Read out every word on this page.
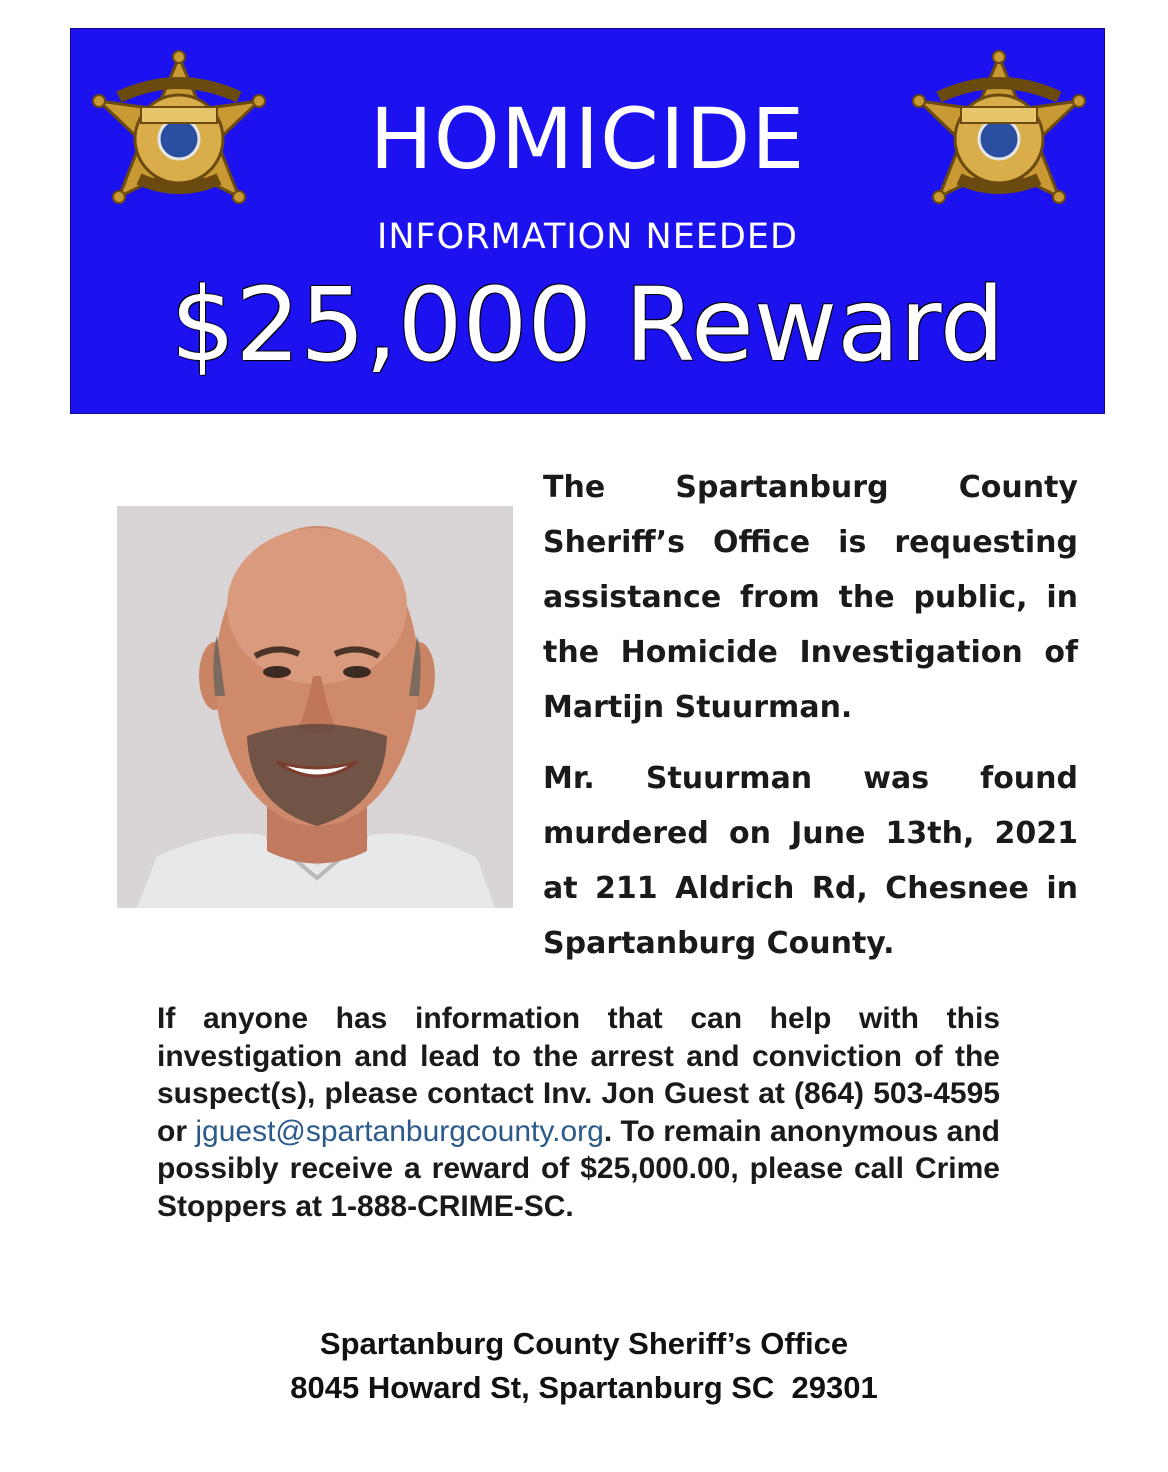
HOMICIDE
INFORMATION NEEDED
$25,000 Reward

The Spartanburg County Sheriff’s Office is requesting assistance from the public, in the Homicide Investigation of Martijn Stuurman.

Mr. Stuurman was found murdered on June 13th, 2021 at 211 Aldrich Rd, Chesnee in Spartanburg County.

If anyone has information that can help with this investigation and lead to the arrest and conviction of the suspect(s), please contact Inv. Jon Guest at (864) 503-4595 or jguest@spartanburgcounty.org. To remain anonymous and possibly receive a reward of $25,000.00, please call Crime Stoppers at 1-888-CRIME-SC.
Spartanburg County Sheriff’s Office
8045 Howard St, Spartanburg SC  29301
